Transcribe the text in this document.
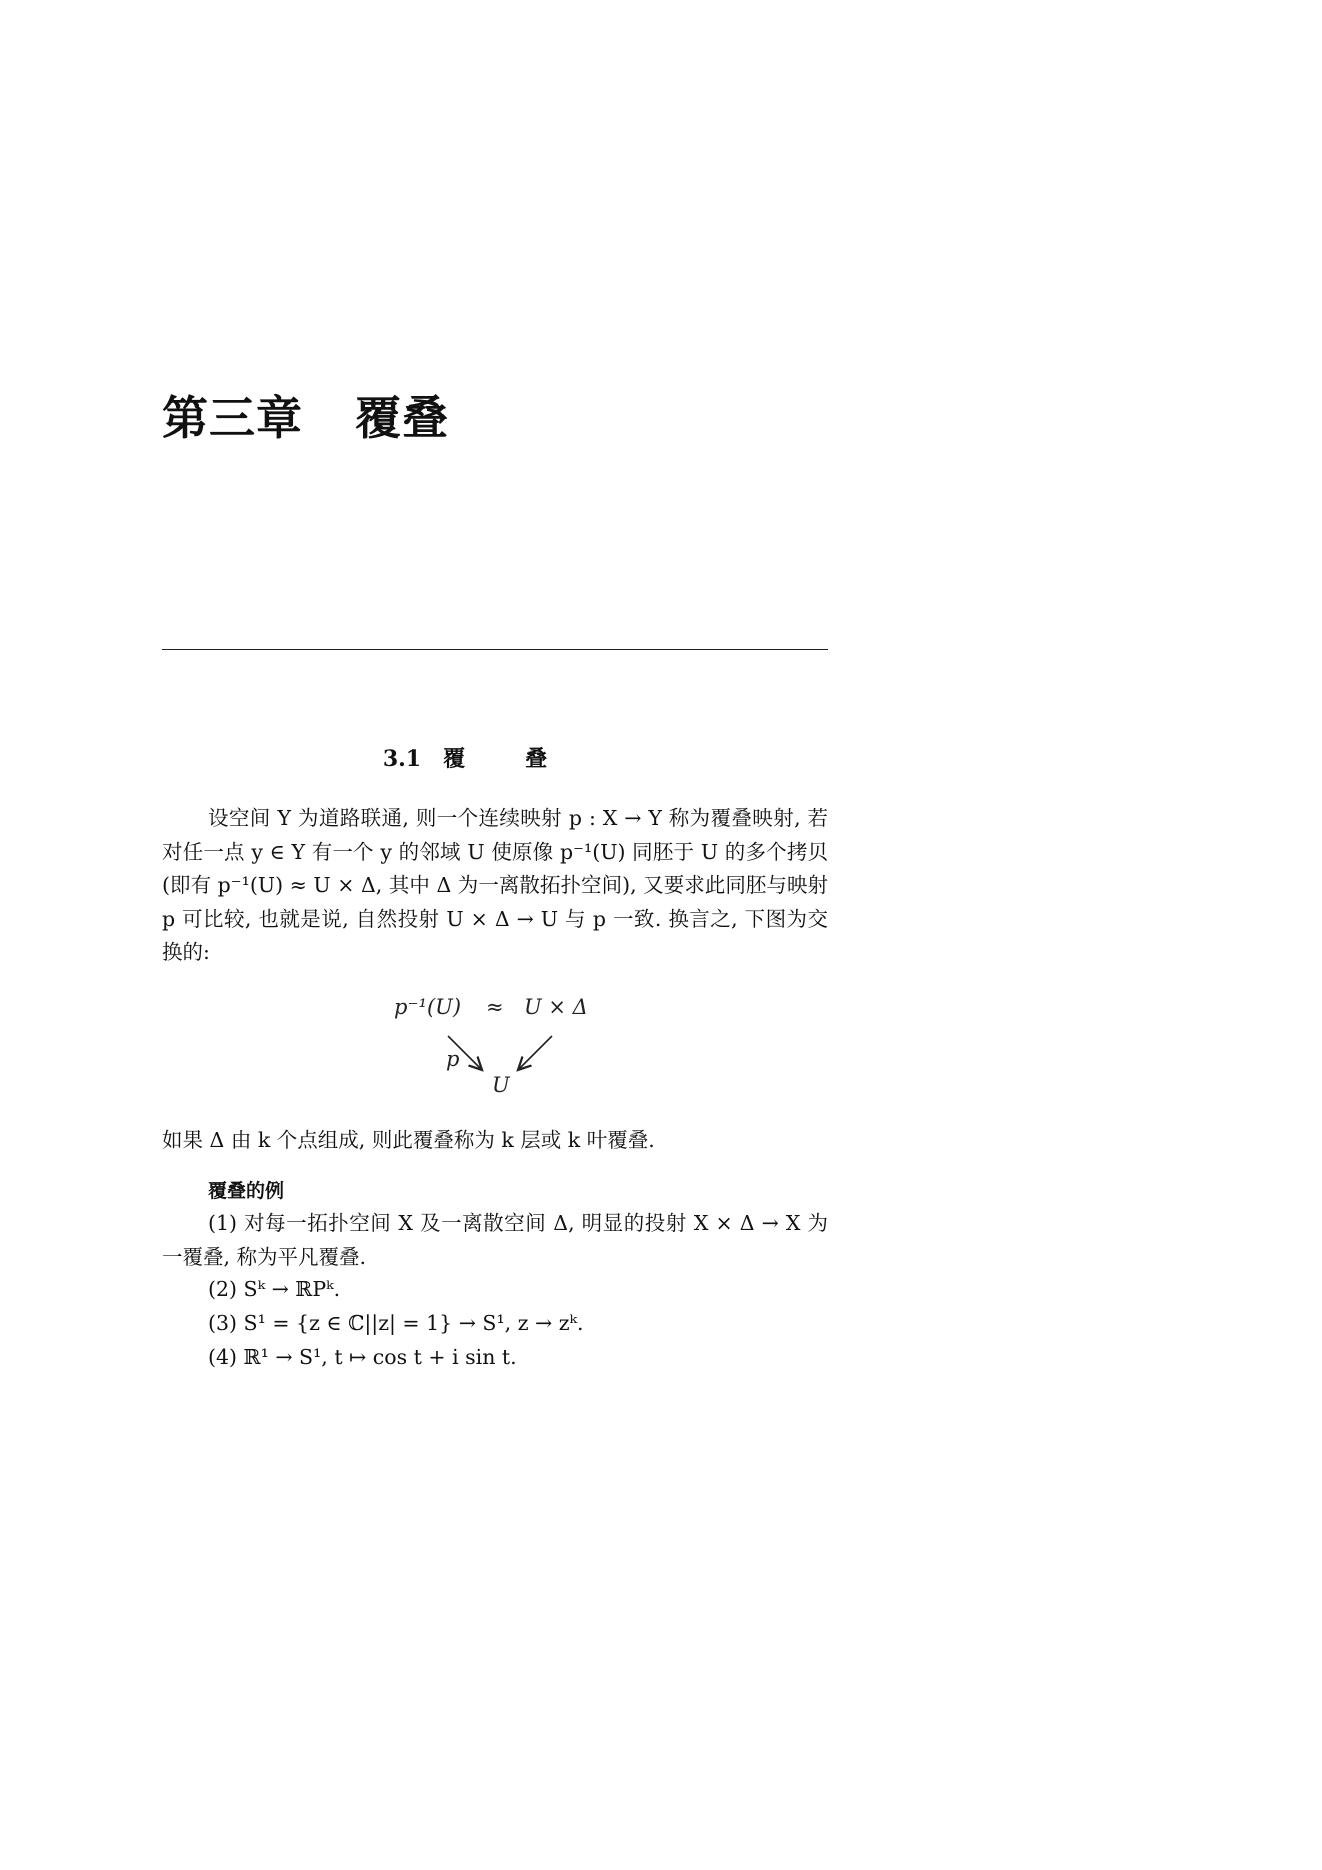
第三章 覆叠
3.1 覆叠

设空间 Y 为道路联通, 则一个连续映射 p : X → Y 称为覆叠映射, 若对任一点 y ∈ Y 有一个 y 的邻域 U 使原像 p⁻¹(U) 同胚于 U 的多个拷贝 (即有 p⁻¹(U) ≈ U × Δ, 其中 Δ 为一离散拓扑空间), 又要求此同胚与映射 p 可比较, 也就是说, 自然投射 U × Δ → U 与 p 一致. 换言之, 下图为交换的:

p⁻¹(U) ≈ U × Δ
p
U

如果 Δ 由 k 个点组成, 则此覆叠称为 k 层或 k 叶覆叠.

覆叠的例

(1) 对每一拓扑空间 X 及一离散空间 Δ, 明显的投射 X × Δ → X 为一覆叠, 称为平凡覆叠.

(2) Sᵏ → ℝPᵏ.

(3) S¹ = {z ∈ ℂ||z| = 1} → S¹, z → zᵏ.

(4) ℝ¹ → S¹, t ↦ cos t + i sin t.
